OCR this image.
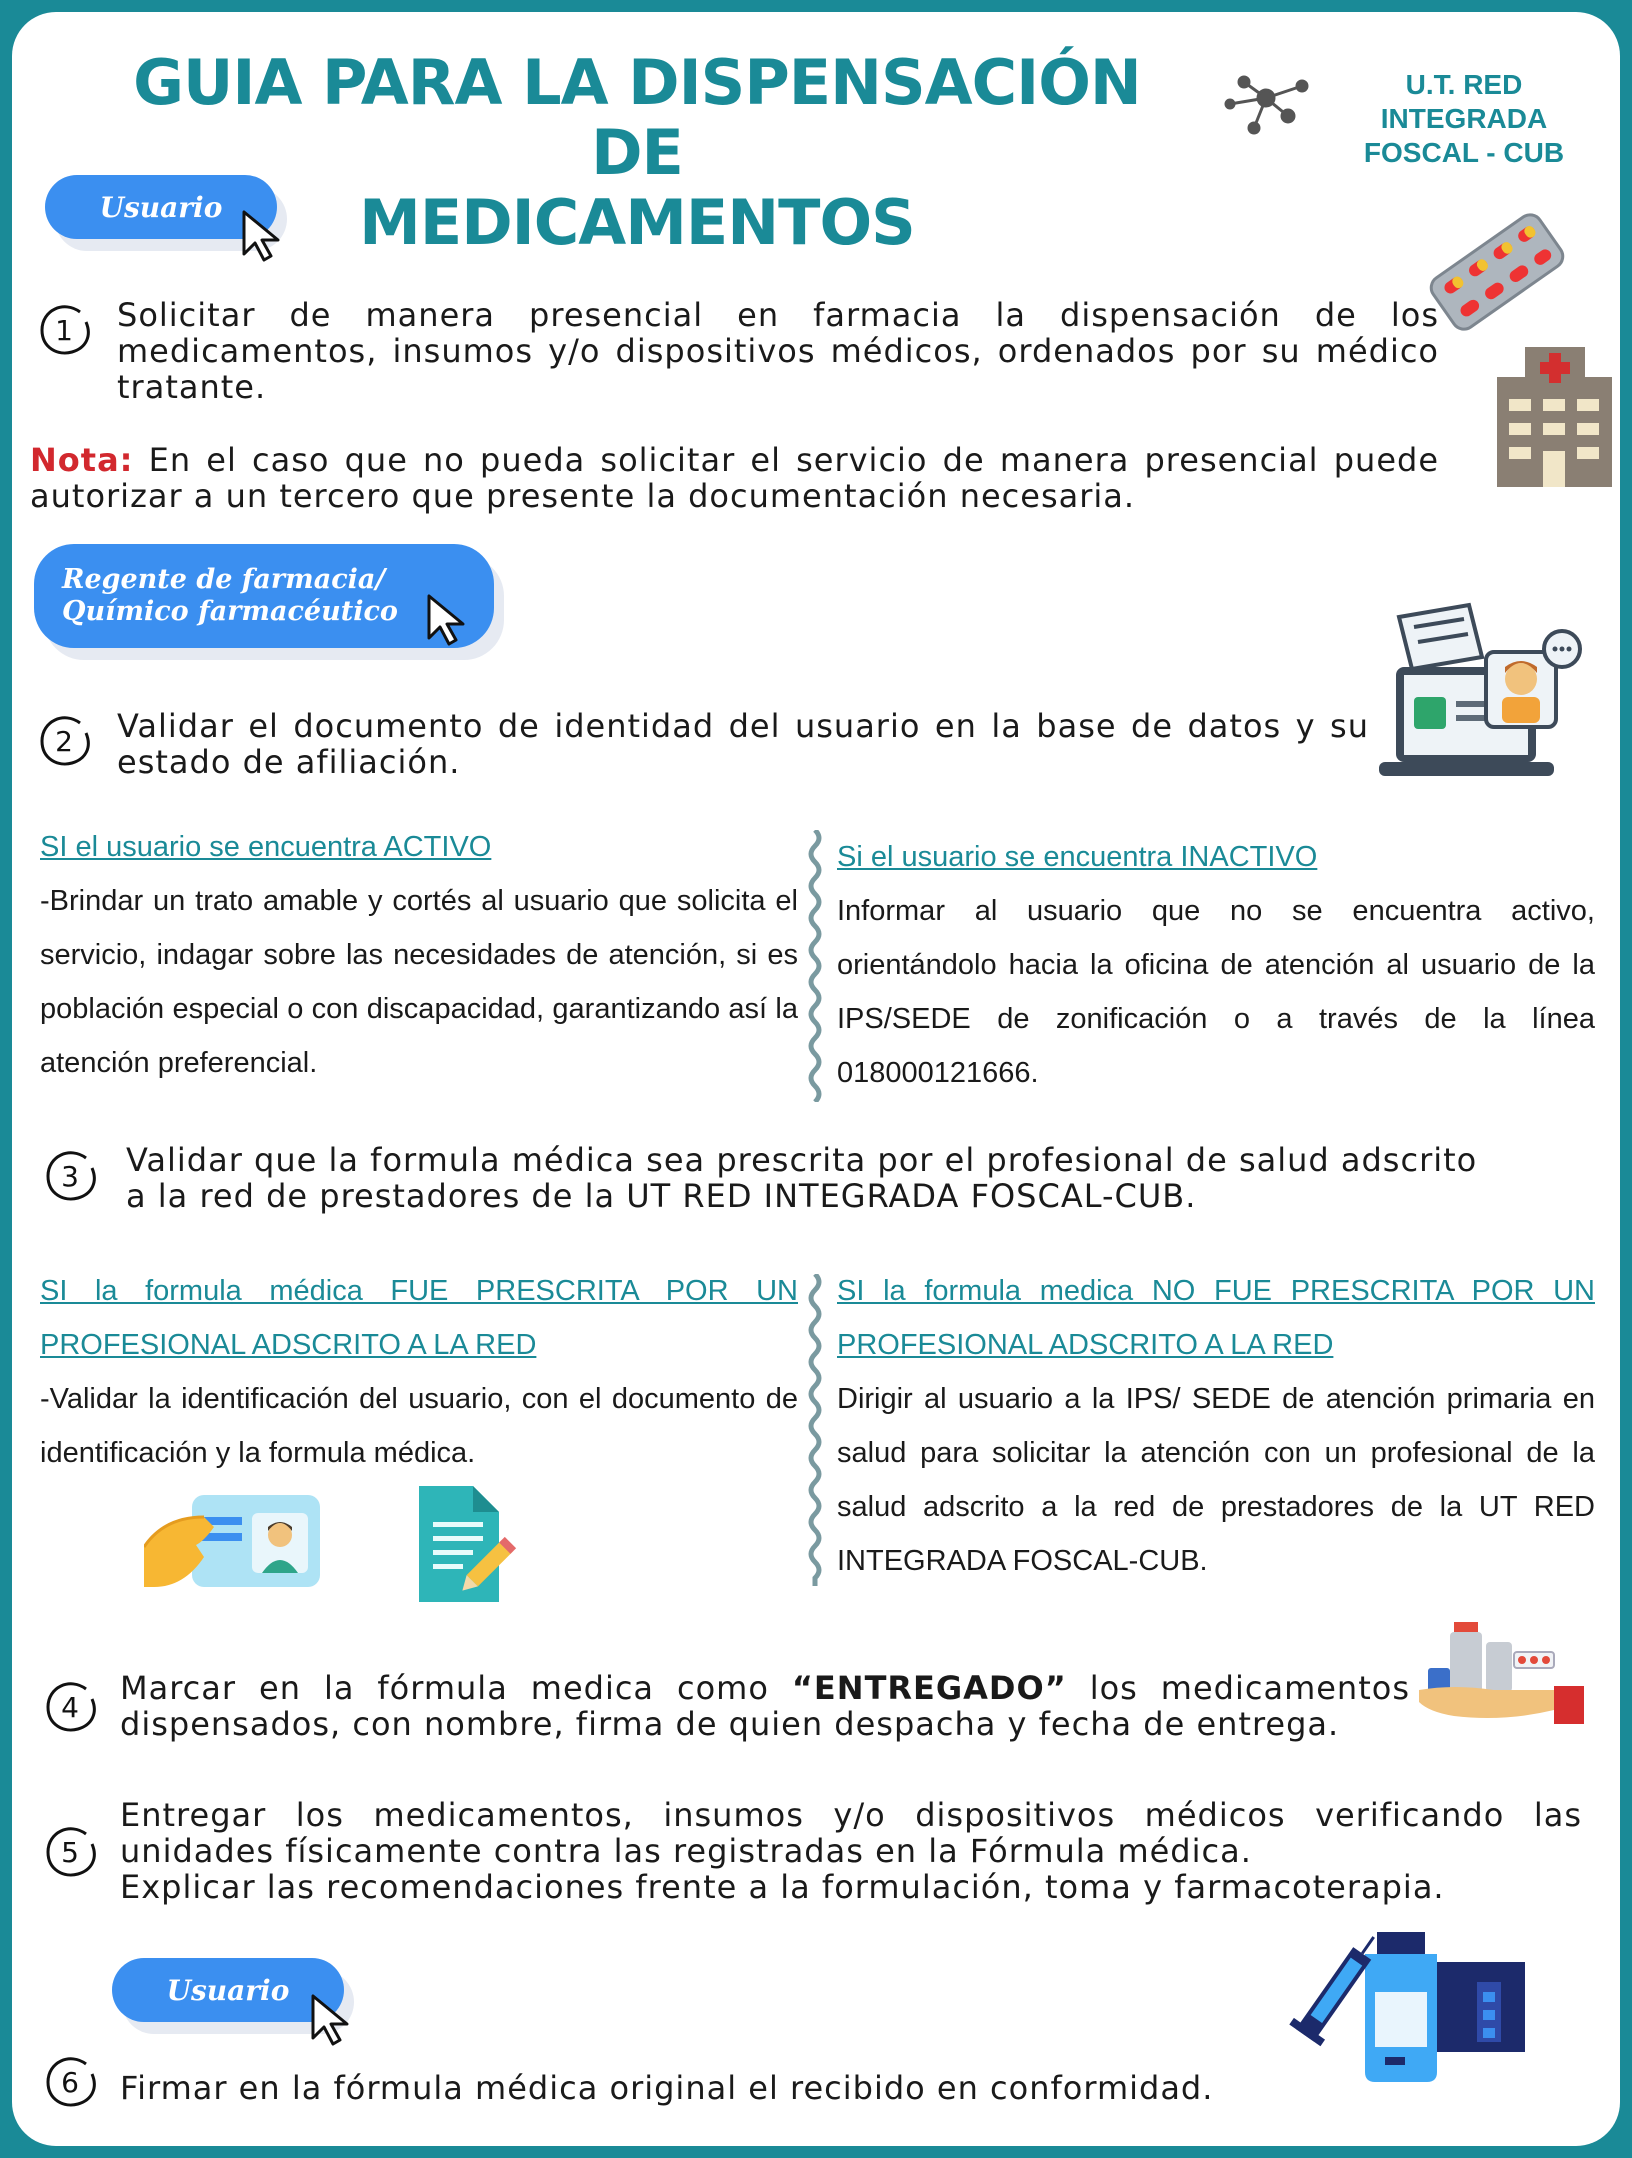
GUIA PARA LA DISPENSACIÓN DE
MEDICAMENTOS
U.T. RED INTEGRADA
FOSCAL - CUB
Usuario
1	Solicitar de manera presencial en farmacia la dispensación de los medicamentos, insumos y/o dispositivos médicos, ordenados por su médico tratante.
Nota: En el caso que no pueda solicitar el servicio de manera presencial puede autorizar a un tercero que presente la documentación necesaria.
Regente de farmacia/
Químico farmacéutico
2	Validar el documento de identidad del usuario en la base de datos y su estado de afiliación.
SI el usuario se encuentra ACTIVO
-Brindar un trato amable y cortés al usuario que solicita el servicio, indagar sobre las necesidades de atención, si es población especial o con discapacidad, garantizando así la atención preferencial.
Si el usuario se encuentra INACTIVO
Informar al usuario que no se encuentra activo, orientándolo hacia la oficina de atención al usuario de la IPS/SEDE de zonificación o a través de la línea 018000121666.
3	Validar que la formula médica sea prescrita por el profesional de salud adscrito
a la red de prestadores de la UT RED INTEGRADA FOSCAL-CUB.
SI la formula médica FUE PRESCRITA POR UN PROFESIONAL ADSCRITO A LA RED
-Validar la identificación del usuario, con el documento de identificación y la formula médica.
SI la formula medica NO FUE PRESCRITA POR UN PROFESIONAL ADSCRITO A LA RED
Dirigir al usuario a la IPS/ SEDE de atención primaria en salud para solicitar la atención con un profesional de la salud adscrito a la red de prestadores de la UT RED INTEGRADA FOSCAL-CUB.
4
Marcar en la fórmula medica como “ENTREGADO” los medicamentos dispensados, con nombre, firma de quien despacha y fecha de entrega.
5
Entregar los medicamentos, insumos y/o dispositivos médicos verificando las unidades físicamente contra las registradas en la Fórmula médica.
Explicar las recomendaciones frente a la formulación, toma y farmacoterapia.
Usuario
6	Firmar en la fórmula médica original el recibido en conformidad.
